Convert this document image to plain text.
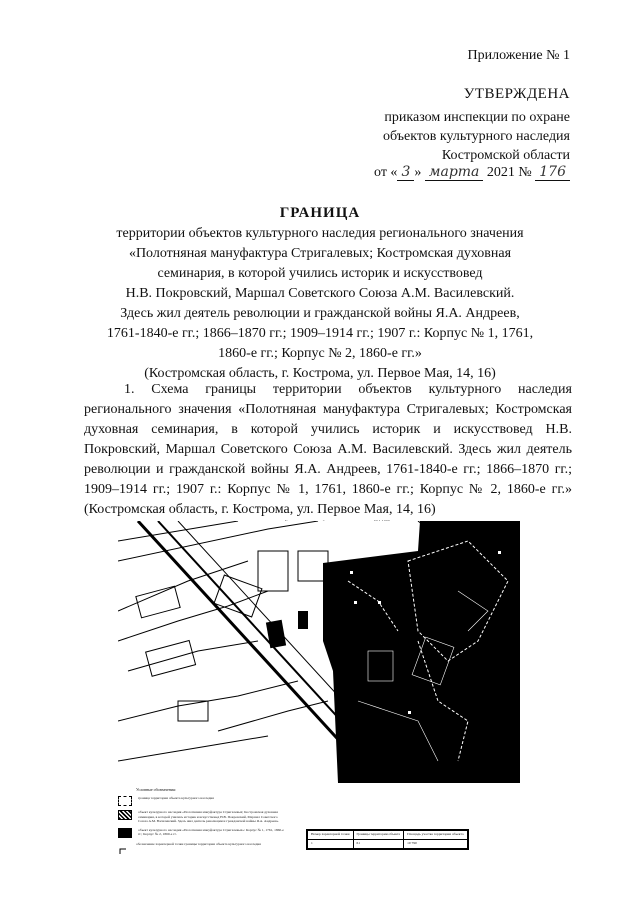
Приложение № 1
УТВЕРЖДЕНА
приказом инспекции по охране
объектов культурного наследия
Костромской области
от « 3 » марта 2021 № 176
ГРАНИЦА
территории объектов культурного наследия регионального значения
«Полотняная мануфактура Стригалевых; Костромская духовная
семинария, в которой учились историк и искусствовед
Н.В. Покровский, Маршал Советского Союза А.М. Василевский.
Здесь жил деятель революции и гражданской войны Я.А. Андреев,
1761-1840-е гг.; 1866–1870 гг.; 1909–1914 гг.; 1907 г.: Корпус № 1, 1761,
1860-е гг.; Корпус № 2, 1860-е гг.»
(Костромская область, г. Кострома, ул. Первое Мая, 14, 16)
1. Схема границы территории объектов культурного наследия регионального значения «Полотняная мануфактура Стригалевых; Костромская духовная семинария, в которой учились историк и искусствовед Н.В. Покровский, Маршал Советского Союза А.М. Василевский. Здесь жил деятель революции и гражданской войны Я.А. Андреев, 1761-1840-е гг.; 1866–1870 гг.; 1909–1914 гг.; 1907 г.: Корпус № 1, 1761, 1860-е гг.; Корпус № 2, 1860-е гг.» (Костромская область, г. Кострома, ул. Первое Мая, 14, 16)
Условные обозначения:
граница территории объекта культурного наследия
объект культурного наследия «Полотняная мануфактура Стригалевых; Костромская духовная семинария, в которой учились историк и искусствовед Н.В. Покровский, Маршал Советского Союза А.М. Василевский. Здесь жил деятель революции и гражданской войны Я.А. Андреев»
объект культурного наследия «Полотняная мануфактура Стригалевых»: Корпус № 1, 1761, 1860-е гг.; Корпус № 2, 1860-е гг.
обозначение характерной точки границы территории объекта культурного наследия
Номер характерной точки	Границы территории объекта	Площадь участка территории объекта
1	61	10 790
